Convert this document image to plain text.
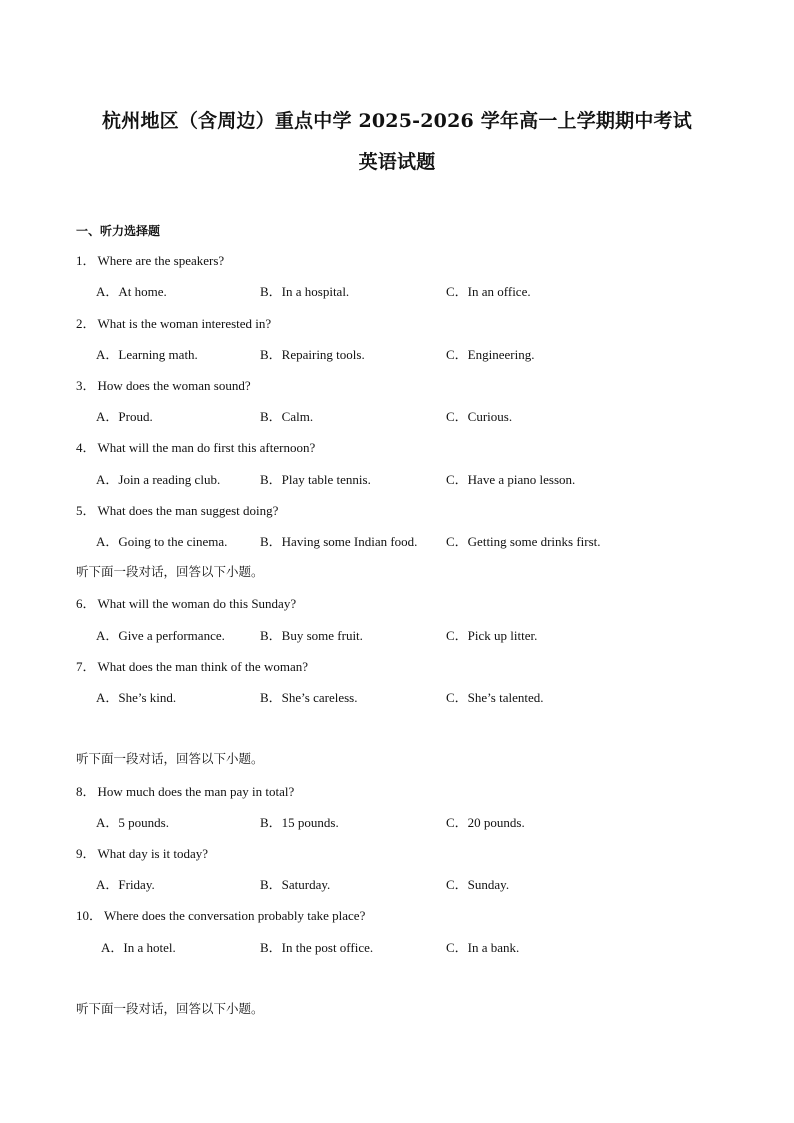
杭州地区（含周边）重点中学 2025-2026 学年高一上学期期中考试
英语试题
一、听力选择题
1． Where are the speakers?
A．At home.	B．In a hospital.	C．In an office.
2． What is the woman interested in?
A．Learning math.	B．Repairing tools.	C．Engineering.
3． How does the woman sound?
A．Proud.	B．Calm.	C．Curious.
4． What will the man do first this afternoon?
A．Join a reading club.	B．Play table tennis.	C．Have a piano lesson.
5． What does the man suggest doing?
A．Going to the cinema.	B．Having some Indian food. C．Getting some drinks first.
听下面一段对话，回答以下小题。
6． What will the woman do this Sunday?
A．Give a performance.	B．Buy some fruit.	C．Pick up litter.
7． What does the man think of the woman?
A．She’s kind.	B．She’s careless.	C．She’s talented.
听下面一段对话，回答以下小题。
8． How much does the man pay in total?
A．5 pounds.	B．15 pounds.	C．20 pounds.
9． What day is it today?
A．Friday.	B．Saturday.	C．Sunday.
10． Where does the conversation probably take place?
A．In a hotel.	B．In the post office.	C．In a bank.
听下面一段对话，回答以下小题。
